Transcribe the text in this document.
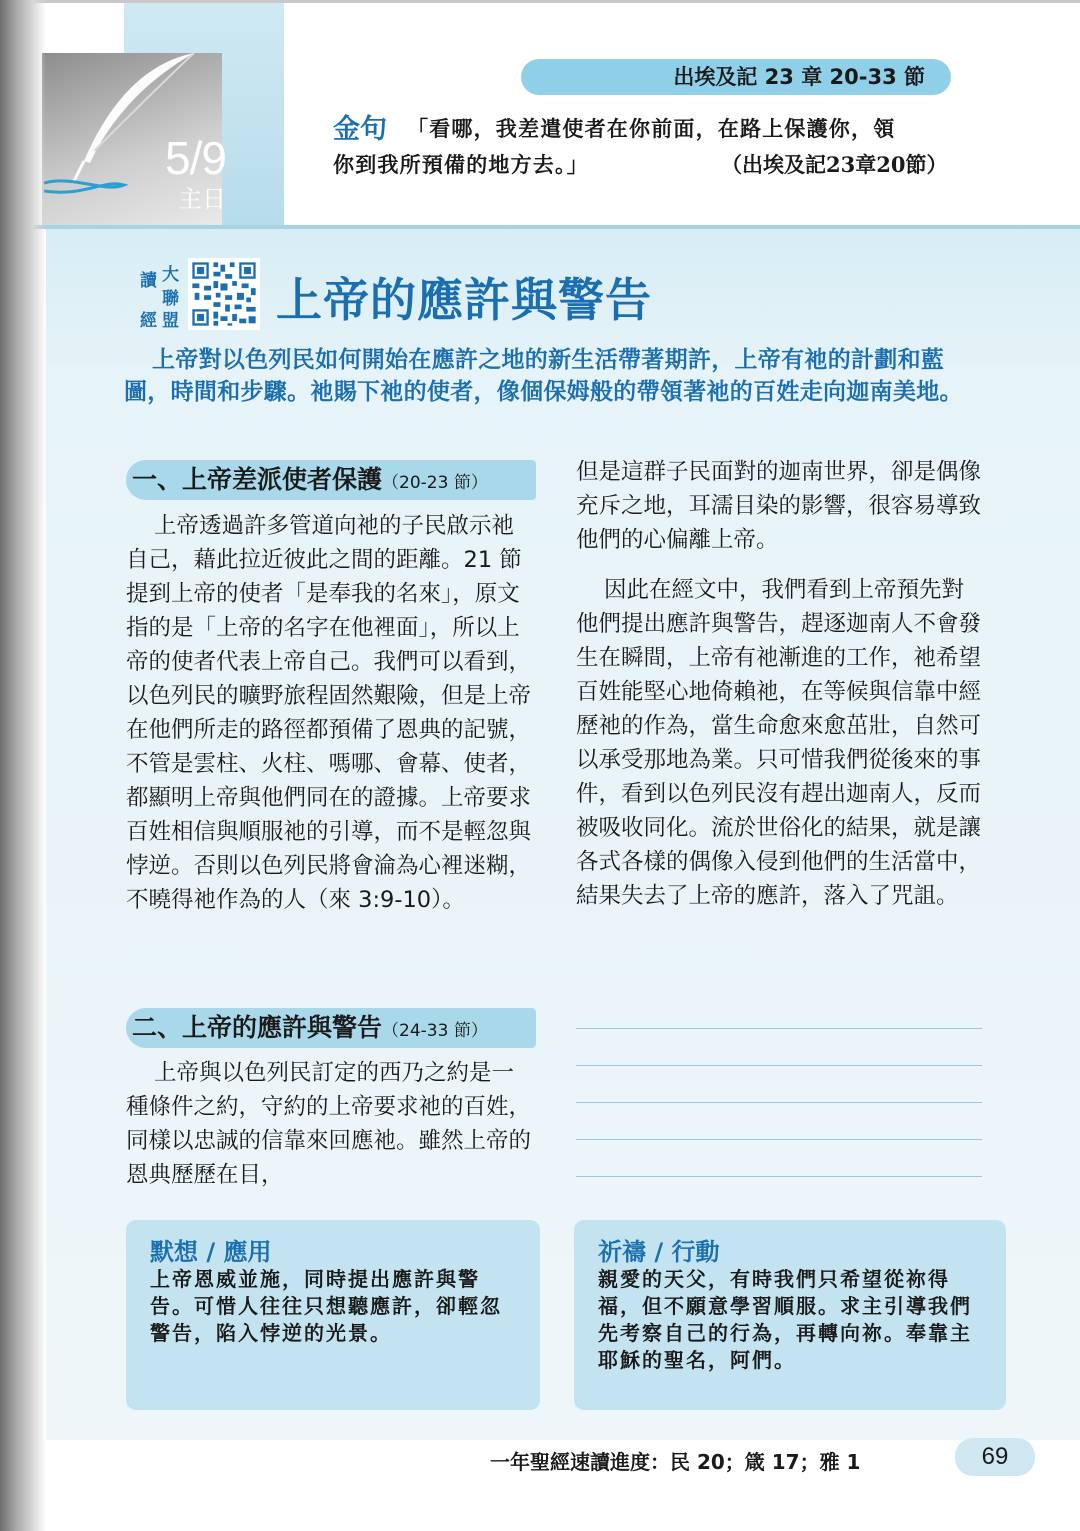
5/9
主日
出埃及記 23 章 20-33 節
金句 「看哪，我差遣使者在你前面，在路上保護你，領
你到我所預備的地方去。」	（出埃及記23章20節）
讀 大
聯
經 盟 上帝的應許與警告
上帝對以色列民如何開始在應許之地的新生活帶著期許，上帝有祂的計劃和藍圖，時間和步驟。祂賜下祂的使者，像個保姆般的帶領著祂的百姓走向迦南美地。
一、上帝差派使者保護（20-23 節）

上帝透過許多管道向祂的子民啟示祂自己，藉此拉近彼此之間的距離。21 節提到上帝的使者「是奉我的名來」，原文指的是「上帝的名字在他裡面」，所以上帝的使者代表上帝自己。我們可以看到，以色列民的曠野旅程固然艱險，但是上帝在他們所走的路徑都預備了恩典的記號，不管是雲柱、火柱、嗎哪、會幕、使者，都顯明上帝與他們同在的證據。上帝要求百姓相信與順服祂的引導，而不是輕忽與悖逆。否則以色列民將會淪為心裡迷糊，不曉得祂作為的人（來 3:9-10）。

二、上帝的應許與警告（24-33 節）

上帝與以色列民訂定的西乃之約是一種條件之約，守約的上帝要求祂的百姓，同樣以忠誠的信靠來回應祂。雖然上帝的恩典歷歷在目，

但是這群子民面對的迦南世界，卻是偶像充斥之地，耳濡目染的影響，很容易導致他們的心偏離上帝。

因此在經文中，我們看到上帝預先對他們提出應許與警告，趕逐迦南人不會發生在瞬間，上帝有祂漸進的工作，祂希望百姓能堅心地倚賴祂，在等候與信靠中經歷祂的作為，當生命愈來愈茁壯，自然可以承受那地為業。只可惜我們從後來的事件，看到以色列民沒有趕出迦南人，反而被吸收同化。流於世俗化的結果，就是讓各式各樣的偶像入侵到他們的生活當中，結果失去了上帝的應許，落入了咒詛。

默想 / 應用
上帝恩威並施，同時提出應許與警告。可惜人往往只想聽應許，卻輕忽警告，陷入悖逆的光景。
祈禱 / 行動
親愛的天父，有時我們只希望從祢得福，但不願意學習順服。求主引導我們先考察自己的行為，再轉向祢。奉靠主耶穌的聖名，阿們。
一年聖經速讀進度：民 20；箴 17；雅 1	69
